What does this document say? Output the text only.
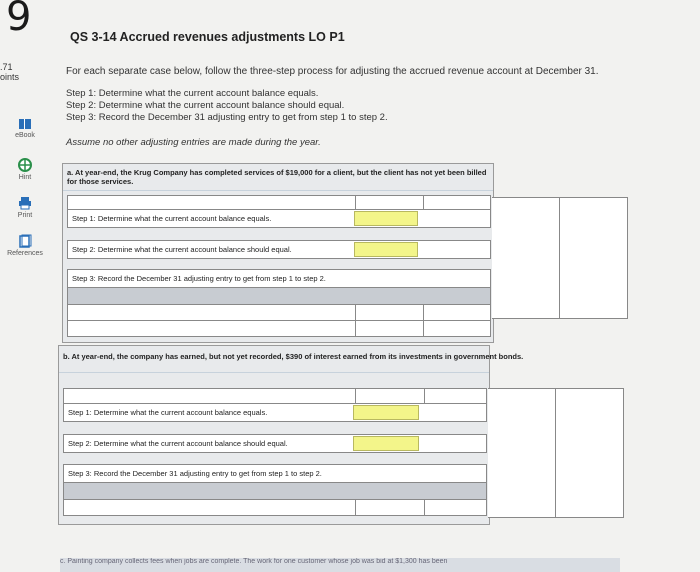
9
.71
oints
eBook
Hint
Print
References
QS 3-14 Accrued revenues adjustments LO P1
For each separate case below, follow the three-step process for adjusting the accrued revenue account at December 31.
Step 1: Determine what the current account balance equals.
Step 2: Determine what the current account balance should equal.
Step 3: Record the December 31 adjusting entry to get from step 1 to step 2.
Assume no other adjusting entries are made during the year.
a. At year-end, the Krug Company has completed services of $19,000 for a client, but the client has not yet been billed for those services.
Step 1: Determine what the current account balance equals.
Step 2: Determine what the current account balance should equal.
Step 3: Record the December 31 adjusting entry to get from step 1 to step 2.
b. At year-end, the company has earned, but not yet recorded, $390 of interest earned from its investments in government bonds.
Step 1: Determine what the current account balance equals.
Step 2: Determine what the current account balance should equal.
Step 3: Record the December 31 adjusting entry to get from step 1 to step 2.
c. Painting company collects fees when jobs are complete. The work for one customer whose job was bid at $1,300 has been
